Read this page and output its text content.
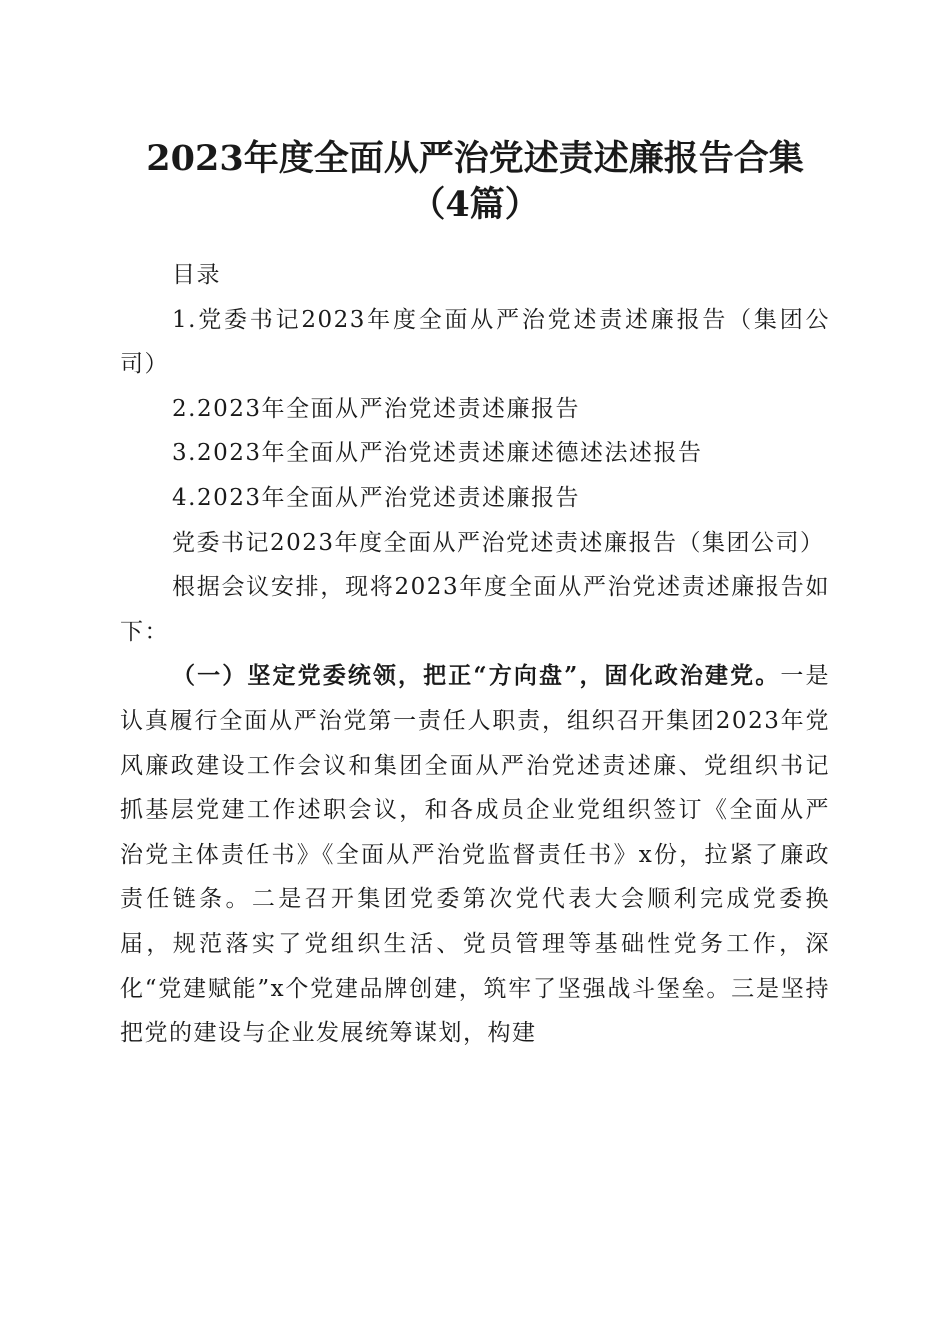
2023年度全面从严治党述责述廉报告合集（4篇）

目录

1.党委书记2023年度全面从严治党述责述廉报告（集团公司）

2.2023年全面从严治党述责述廉报告

3.2023年全面从严治党述责述廉述德述法述报告

4.2023年全面从严治党述责述廉报告

党委书记2023年度全面从严治党述责述廉报告（集团公司）

根据会议安排，现将2023年度全面从严治党述责述廉报告如下：

（一）坚定党委统领，把正“方向盘”，固化政治建党。一是认真履行全面从严治党第一责任人职责，组织召开集团2023年党风廉政建设工作会议和集团全面从严治党述责述廉、党组织书记抓基层党建工作述职会议，和各成员企业党组织签订《全面从严治党主体责任书》《全面从严治党监督责任书》x份，拉紧了廉政责任链条。二是召开集团党委第次党代表大会顺利完成党委换届，规范落实了党组织生活、党员管理等基础性党务工作，深化“党建赋能”x个党建品牌创建，筑牢了坚强战斗堡垒。三是坚持把党的建设与企业发展统筹谋划，构建
